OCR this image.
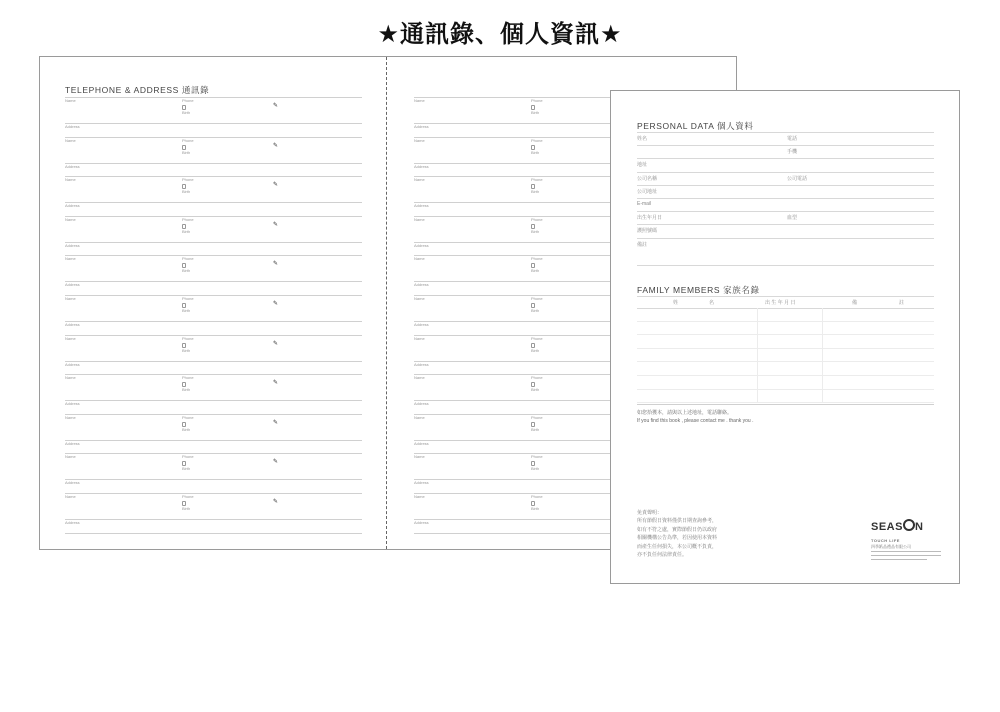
★通訊錄、個人資訊★
TELEPHONE & ADDRESS 通訊錄
Name	Phone
Birth
✎
Address
Name	Phone
Birth
✎
Address
Name	Phone
Birth
✎
Address
Name	Phone
Birth
✎
Address
Name	Phone
Birth
✎
Address
Name	Phone
Birth
✎
Address
Name	Phone
Birth
✎
Address
Name	Phone
Birth
✎
Address
Name	Phone
Birth
✎
Address
Name	Phone
Birth
✎
Address
Name	Phone
Birth
✎
Address
Name	Phone
Birth
Address
Name	Phone
Birth
Address
Name	Phone
Birth
Address
Name	Phone
Birth
Address
Name	Phone
Birth
Address
Name	Phone
Birth
Address
Name	Phone
Birth
Address
Name	Phone
Birth
Address
Name	Phone
Birth
Address
Name	Phone
Birth
Address
Name	Phone
Birth
Address
PERSONAL DATA 個人資料
姓名	電話
手機
地址
公司名稱	公司電話
公司地址
E-mail
出生年月日	血型
護照號碼
備註
FAMILY MEMBERS 家族名錄
姓	名	出 生 年 月 日	備	註
如您拾獲本，請與以上述地址，電話聯絡。
If you find this book , please contact me . thank you .
免責聲明：
所有節假日資料僅供日期查詢參考，
如有不符之處，實際節假日仍以政府
相關機構公告為準，若因使用本資料
而產生任何損失，本公司概不負責，
亦不負任何法律責任。
SEAS N TOUCH LIFE
四季紙品禮品有限公司
